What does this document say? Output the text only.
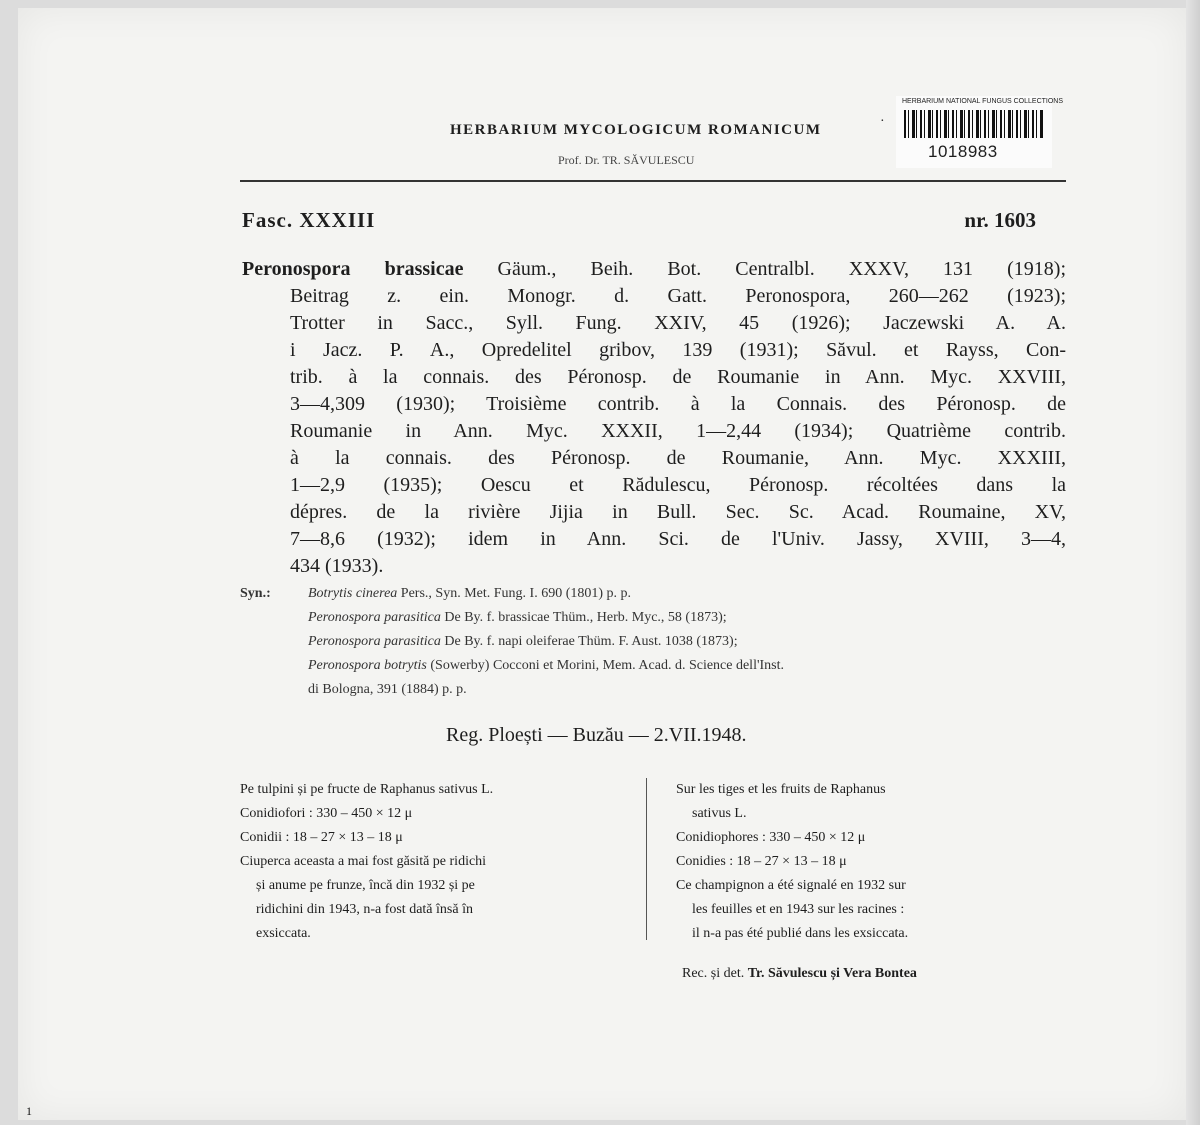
HERBARIUM MYCOLOGICUM ROMANICUM
Prof. Dr. TR. SĂVULESCU
·
HERBARIUM NATIONAL FUNGUS COLLECTIONS
1018983
Fasc. XXXIII	nr. 1603
Peronospora brassicae Gäum., Beih. Bot. Centralbl. XXXV, 131 (1918);
Beitrag z. ein. Monogr. d. Gatt. Peronospora, 260—262 (1923);
Trotter in Sacc., Syll. Fung. XXIV, 45 (1926); Jaczewski A. A.
i Jacz. P. A., Opredelitel gribov, 139 (1931); Săvul. et Rayss, Con-
trib. à la connais. des Péronosp. de Roumanie in Ann. Myc. XXVIII,
3—4,309 (1930); Troisième contrib. à la Connais. des Péronosp. de
Roumanie in Ann. Myc. XXXII, 1—2,44 (1934); Quatrième contrib.
à la connais. des Péronosp. de Roumanie, Ann. Myc. XXXIII,
1—2,9 (1935); Oescu et Rădulescu, Péronosp. récoltées dans la
dépres. de la rivière Jijia in Bull. Sec. Sc. Acad. Roumaine, XV,
7—8,6 (1932); idem in Ann. Sci. de l'Univ. Jassy, XVIII, 3—4,
434 (1933).
Syn.:	Botrytis cinerea Pers., Syn. Met. Fung. I. 690 (1801) p. p.
Peronospora parasitica De By. f. brassicae Thüm., Herb. Myc., 58 (1873);
Peronospora parasitica De By. f. napi oleiferae Thüm. F. Aust. 1038 (1873);
Peronospora botrytis (Sowerby) Cocconi et Morini, Mem. Acad. d. Science dell'Inst.
di Bologna, 391 (1884) p. p.
Reg. Ploești — Buzău — 2.VII.1948.
Pe tulpini și pe fructe de Raphanus sativus L.
Conidiofori : 330 – 450 × 12 μ
Conidii : 18 – 27 × 13 – 18 μ
Ciuperca aceasta a mai fost găsită pe ridichi
și anume pe frunze, încă din 1932 și pe
ridichini din 1943, n-a fost dată însă în
exsiccata.
Sur les tiges et les fruits de Raphanus
sativus L.
Conidiophores : 330 – 450 × 12 μ
Conidies : 18 – 27 × 13 – 18 μ
Ce champignon a été signalé en 1932 sur
les feuilles et en 1943 sur les racines :
il n-a pas été publié dans les exsiccata.
Rec. și det. Tr. Săvulescu și Vera Bontea
1
